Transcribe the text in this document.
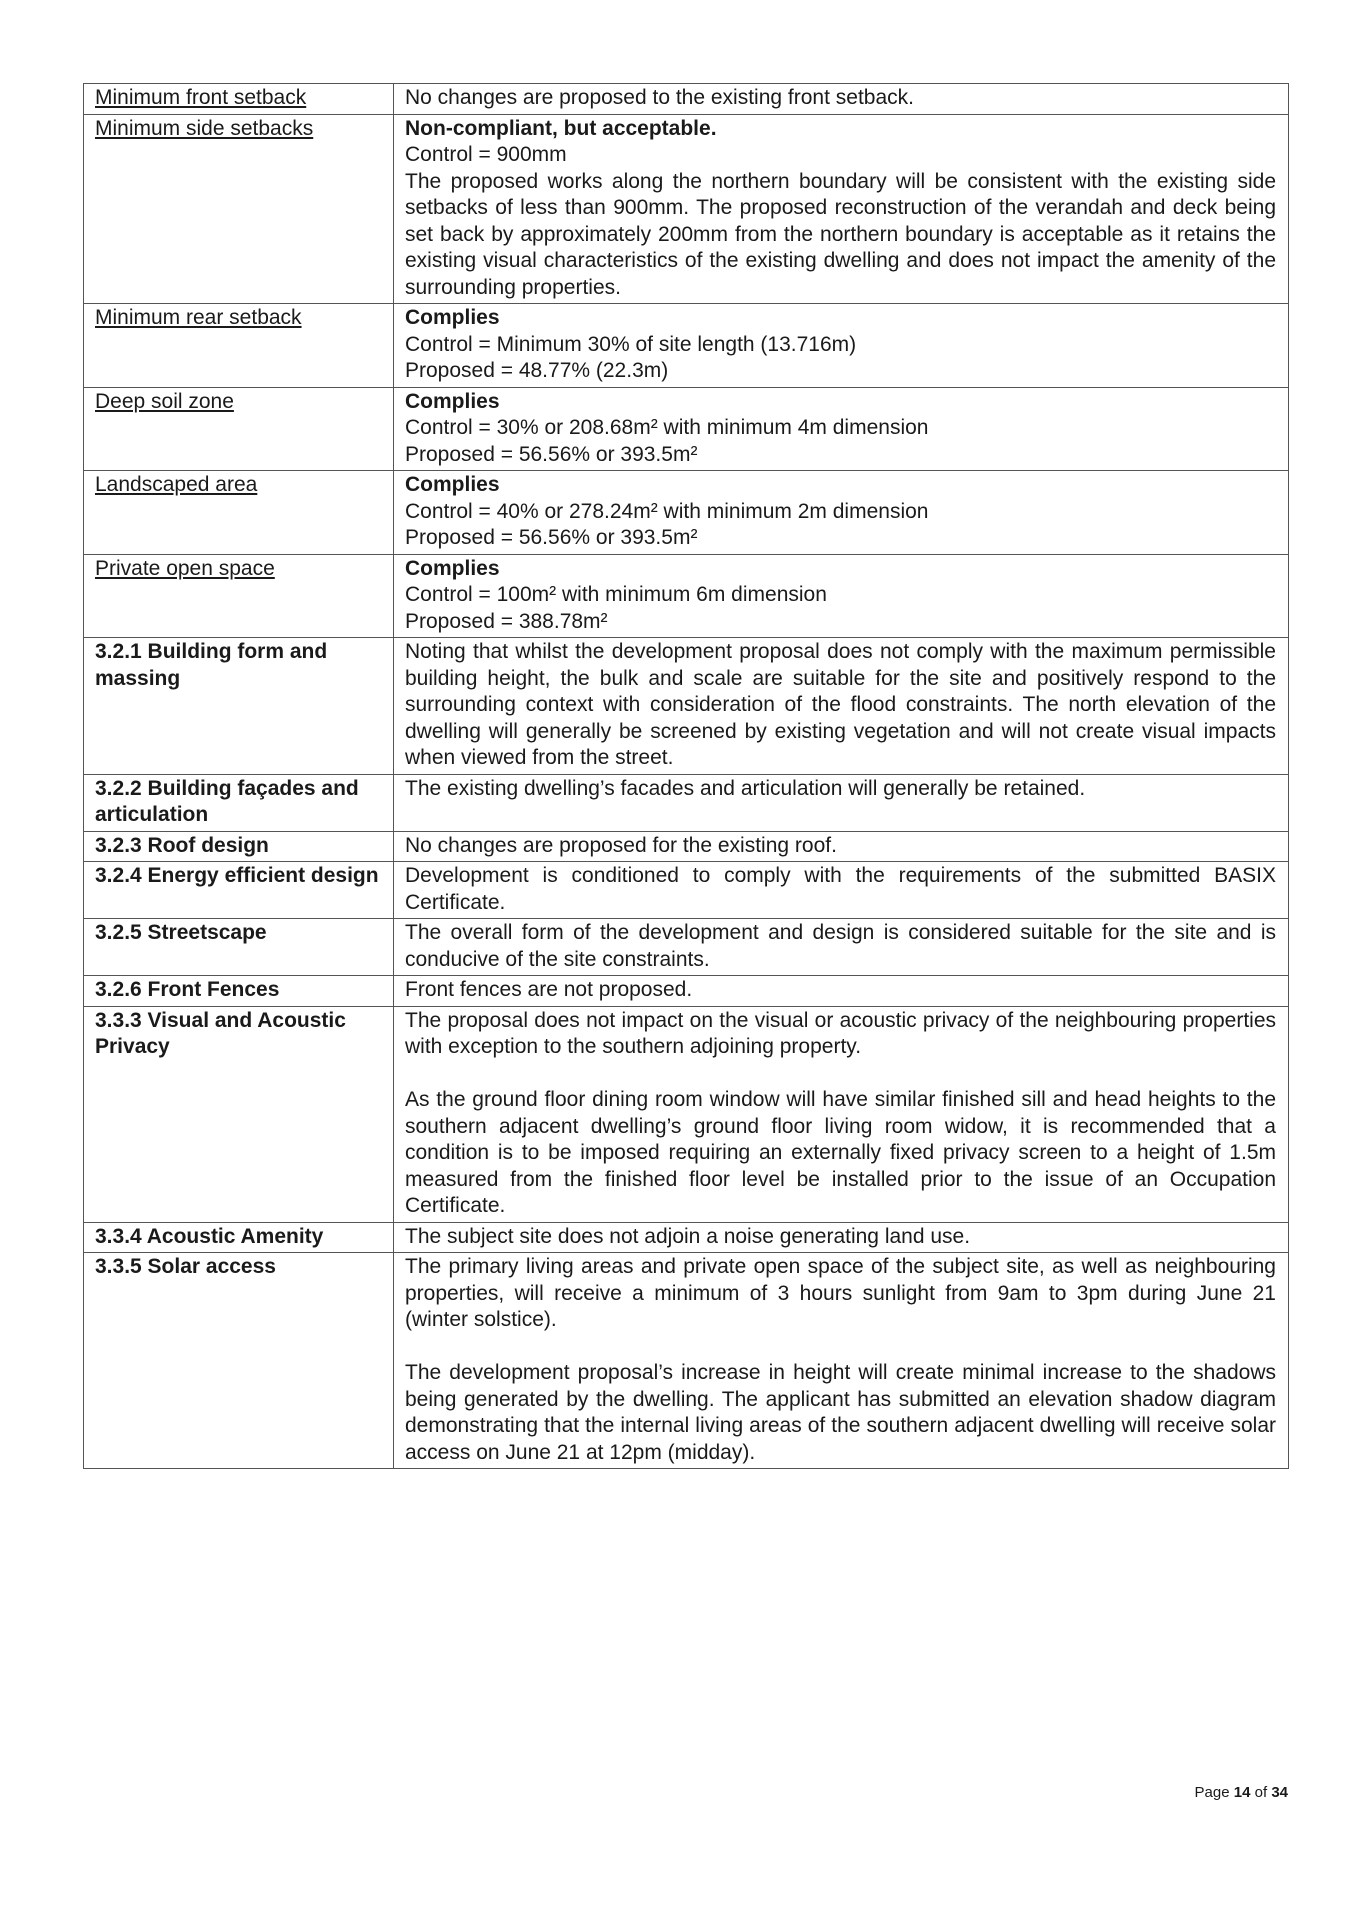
Minimum front setback	No changes are proposed to the existing front setback.

Minimum side setbacks	Non-compliant, but acceptable.
Control = 900mm
The proposed works along the northern boundary will be consistent with the existing side setbacks of less than 900mm. The proposed reconstruction of the verandah and deck being set back by approximately 200mm from the northern boundary is acceptable as it retains the existing visual characteristics of the existing dwelling and does not impact the amenity of the surrounding properties.

Minimum rear setback	Complies
Control = Minimum 30% of site length (13.716m)
Proposed = 48.77% (22.3m)

Deep soil zone	Complies
Control = 30% or 208.68m² with minimum 4m dimension
Proposed = 56.56% or 393.5m²

Landscaped area	Complies
Control = 40% or 278.24m² with minimum 2m dimension
Proposed = 56.56% or 393.5m²

Private open space	Complies
Control = 100m² with minimum 6m dimension
Proposed = 388.78m²

3.2.1 Building form and massing	Noting that whilst the development proposal does not comply with the maximum permissible building height, the bulk and scale are suitable for the site and positively respond to the surrounding context with consideration of the flood constraints. The north elevation of the dwelling will generally be screened by existing vegetation and will not create visual impacts when viewed from the street.

3.2.2 Building façades and articulation	The existing dwelling’s facades and articulation will generally be retained.

3.2.3 Roof design	No changes are proposed for the existing roof.

3.2.4 Energy efficient design	Development is conditioned to comply with the requirements of the submitted BASIX Certificate.

3.2.5 Streetscape	The overall form of the development and design is considered suitable for the site and is conducive of the site constraints.

3.2.6 Front Fences	Front fences are not proposed.

3.3.3 Visual and Acoustic Privacy	The proposal does not impact on the visual or acoustic privacy of the neighbouring properties with exception to the southern adjoining property.
As the ground floor dining room window will have similar finished sill and head heights to the southern adjacent dwelling’s ground floor living room widow, it is recommended that a condition is to be imposed requiring an externally fixed privacy screen to a height of 1.5m measured from the finished floor level be installed prior to the issue of an Occupation Certificate.

3.3.4 Acoustic Amenity	The subject site does not adjoin a noise generating land use.

3.3.5 Solar access	The primary living areas and private open space of the subject site, as well as neighbouring properties, will receive a minimum of 3 hours sunlight from 9am to 3pm during June 21 (winter solstice).
The development proposal’s increase in height will create minimal increase to the shadows being generated by the dwelling. The applicant has submitted an elevation shadow diagram demonstrating that the internal living areas of the southern adjacent dwelling will receive solar access on June 21 at 12pm (midday).
Page 14 of 34
